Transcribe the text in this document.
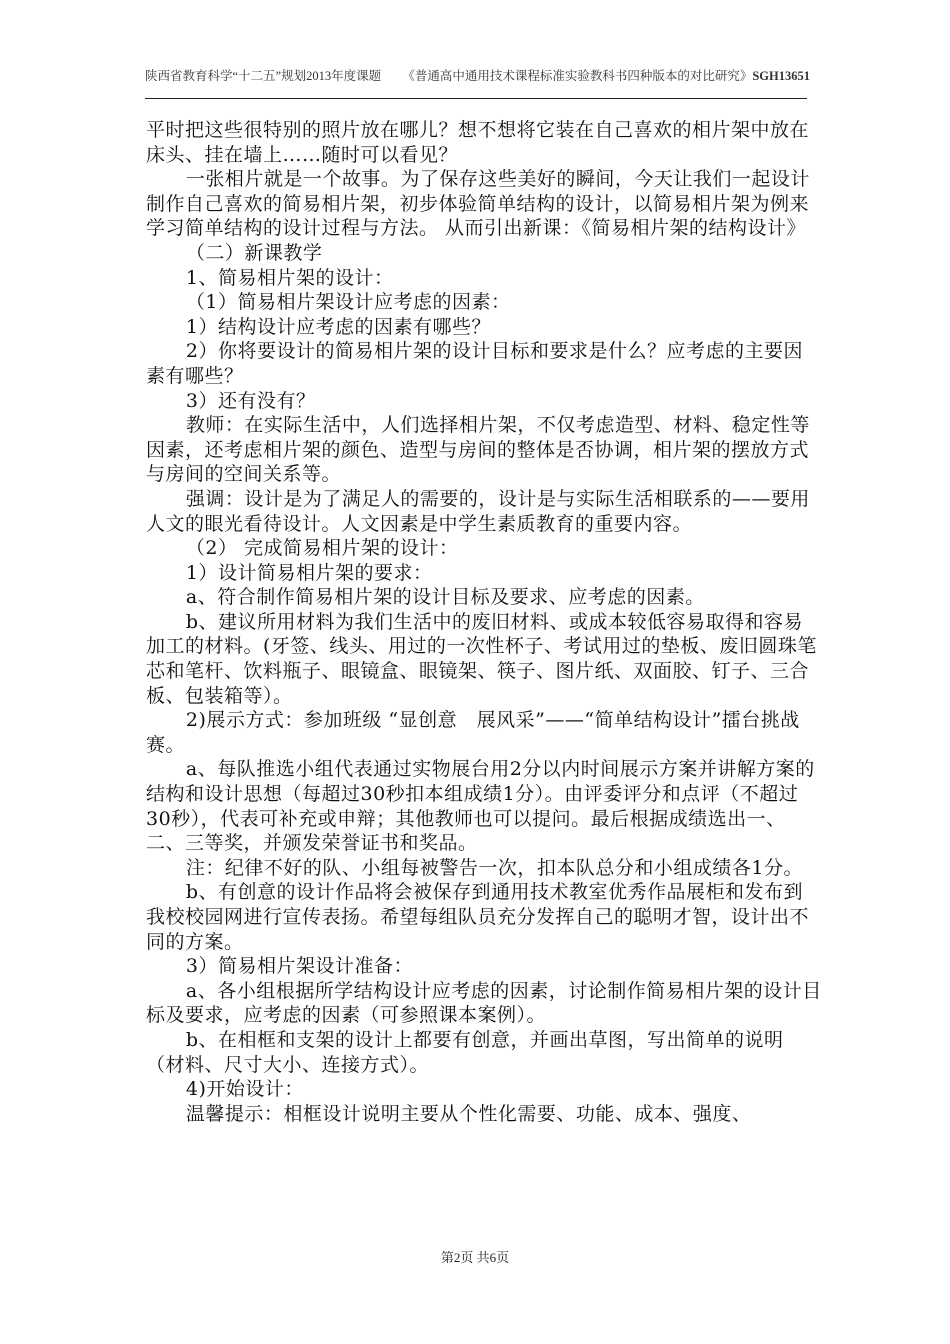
陕西省教育科学“十二五”规划2013年度课题 《普通高中通用技术课程标准实验教科书四种版本的对比研究》SGH13651

平时把这些很特别的照片放在哪儿？想不想将它装在自己喜欢的相片架中放在床头、挂在墙上……随时可以看见？

一张相片就是一个故事。为了保存这些美好的瞬间，今天让我们一起设计制作自己喜欢的简易相片架，初步体验简单结构的设计，以简易相片架为例来学习简单结构的设计过程与方法。 从而引出新课：《简易相片架的结构设计》

（二）新课教学

1、简易相片架的设计：

（1）简易相片架设计应考虑的因素：

1）结构设计应考虑的因素有哪些？

2）你将要设计的简易相片架的设计目标和要求是什么？应考虑的主要因素有哪些？

3）还有没有？

教师：在实际生活中，人们选择相片架，不仅考虑造型、材料、稳定性等因素，还考虑相片架的颜色、造型与房间的整体是否协调，相片架的摆放方式与房间的空间关系等。

强调：设计是为了满足人的需要的，设计是与实际生活相联系的——要用人文的眼光看待设计。人文因素是中学生素质教育的重要内容。

（2） 完成简易相片架的设计：

1）设计简易相片架的要求：

a、符合制作简易相片架的设计目标及要求、应考虑的因素。

b、建议所用材料为我们生活中的废旧材料、或成本较低容易取得和容易加工的材料。(牙签、线头、用过的一次性杯子、考试用过的垫板、废旧圆珠笔芯和笔杆、饮料瓶子、眼镜盒、眼镜架、筷子、图片纸、双面胶、钉子、三合板、包装箱等）。

2)展示方式：参加班级 “显创意　展风采”——“简单结构设计”擂台挑战赛。

a、每队推选小组代表通过实物展台用2分以内时间展示方案并讲解方案的结构和设计思想（每超过30秒扣本组成绩1分）。由评委评分和点评（不超过30秒），代表可补充或申辩；其他教师也可以提问。最后根据成绩选出一、二、三等奖，并颁发荣誉证书和奖品。

注：纪律不好的队、小组每被警告一次，扣本队总分和小组成绩各1分。

b、有创意的设计作品将会被保存到通用技术教室优秀作品展柜和发布到我校校园网进行宣传表扬。希望每组队员充分发挥自己的聪明才智，设计出不同的方案。

3）简易相片架设计准备：

a、各小组根据所学结构设计应考虑的因素，讨论制作简易相片架的设计目标及要求，应考虑的因素（可参照课本案例）。

b、在相框和支架的设计上都要有创意，并画出草图，写出简单的说明（材料、尺寸大小、连接方式）。

4)开始设计：

温馨提示：相框设计说明主要从个性化需要、功能、成本、强度、

第2页 共6页
